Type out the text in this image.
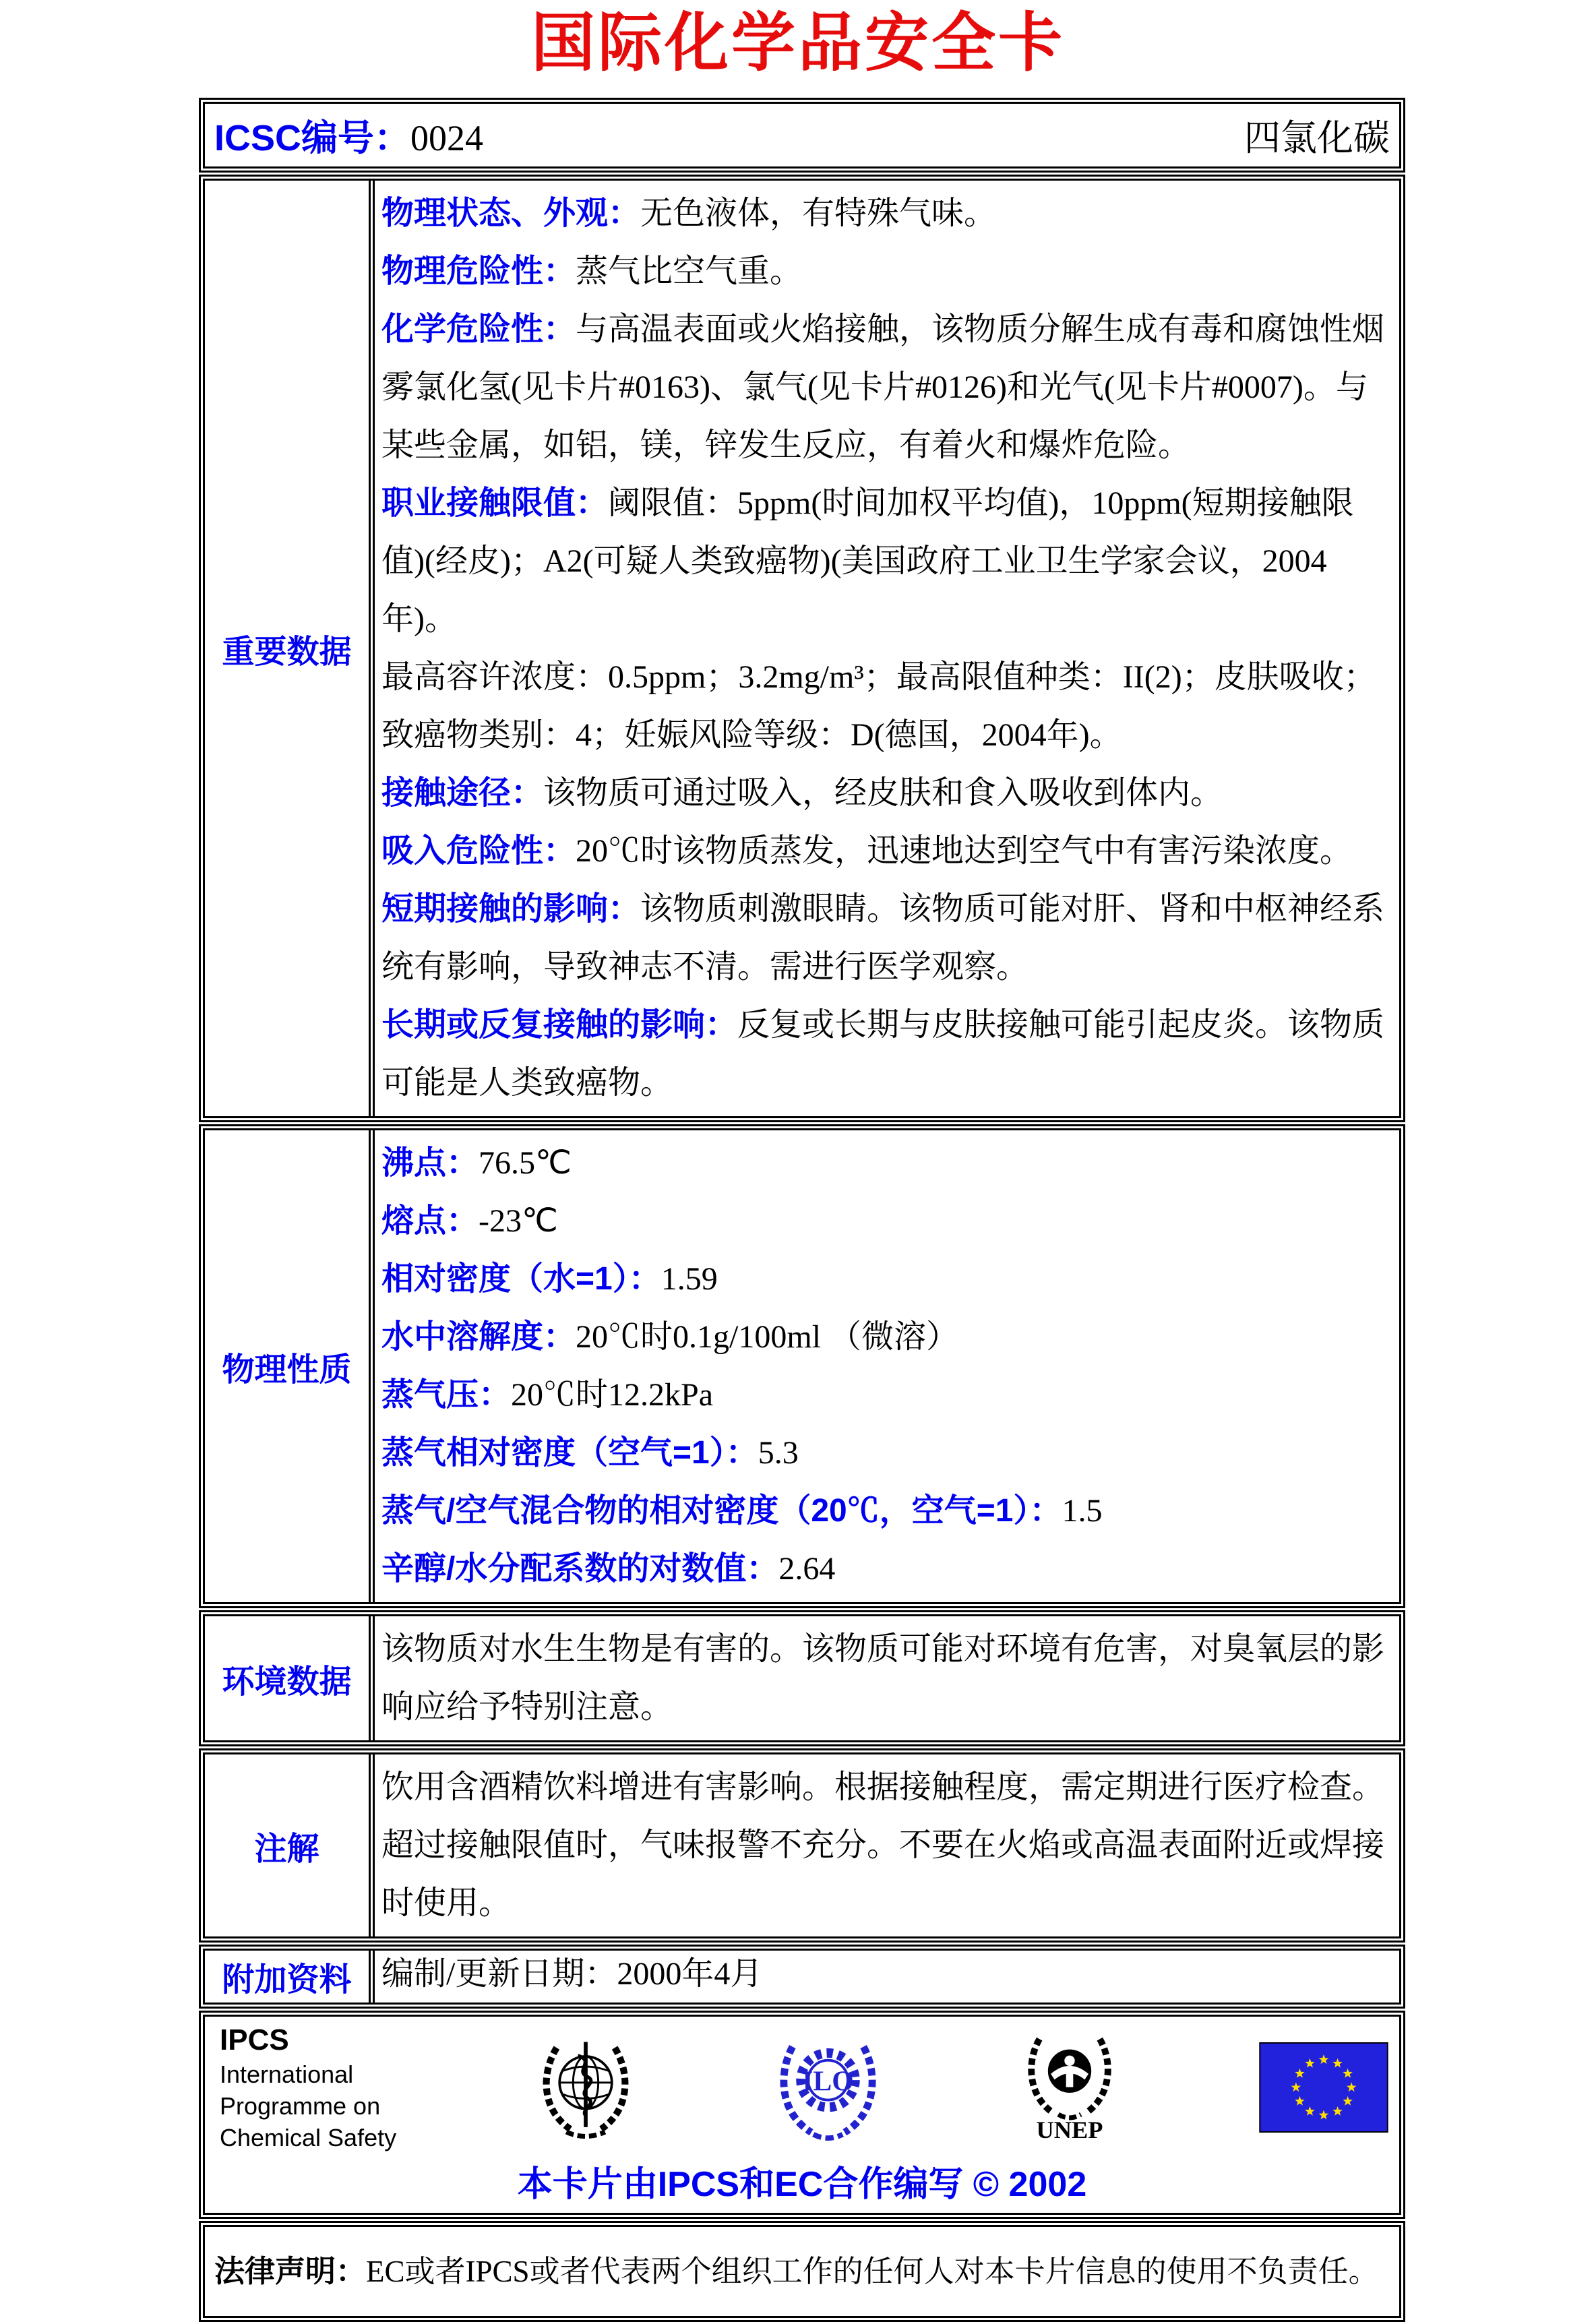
国际化学品安全卡
ICSC编号：0024	四氯化碳
重要数据

物理状态、外观：无色液体，有特殊气味。

物理危险性：蒸气比空气重。

化学危险性：与高温表面或火焰接触，该物质分解生成有毒和腐蚀性烟雾氯化氢(见卡片#0163)、氯气(见卡片#0126)和光气(见卡片#0007)。与某些金属，如铝，镁，锌发生反应，有着火和爆炸危险。

职业接触限值：阈限值：5ppm(时间加权平均值)，10ppm(短期接触限值)(经皮)；A2(可疑人类致癌物)(美国政府工业卫生学家会议，2004年)。

最高容许浓度：0.5ppm；3.2mg/m³；最高限值种类：II(2)；皮肤吸收；致癌物类别：4；妊娠风险等级：D(德国，2004年)。

接触途径：该物质可通过吸入，经皮肤和食入吸收到体内。

吸入危险性：20℃时该物质蒸发，迅速地达到空气中有害污染浓度。

短期接触的影响：该物质刺激眼睛。该物质可能对肝、肾和中枢神经系统有影响，导致神志不清。需进行医学观察。

长期或反复接触的影响：反复或长期与皮肤接触可能引起皮炎。该物质可能是人类致癌物。

物理性质

沸点：76.5℃

熔点：-23℃

相对密度（水=1）：1.59

水中溶解度：20℃时0.1g/100ml （微溶）

蒸气压：20℃时12.2kPa

蒸气相对密度（空气=1）：5.3

蒸气/空气混合物的相对密度（20℃，空气=1）：1.5

辛醇/水分配系数的对数值：2.64

环境数据

该物质对水生生物是有害的。该物质可能对环境有危害，对臭氧层的影响应给予特别注意。

注解

饮用含酒精饮料增进有害影响。根据接触程度，需定期进行医疗检查。超过接触限值时，气味报警不充分。不要在火焰或高温表面附近或焊接时使用。

附加资料 编制/更新日期：2000年4月

IPCS
International
Programme on
Chemical Safety
ILO
UNEP
本卡片由IPCS和EC合作编写 © 2002

法律声明：EC或者IPCS或者代表两个组织工作的任何人对本卡片信息的使用不负责任。
